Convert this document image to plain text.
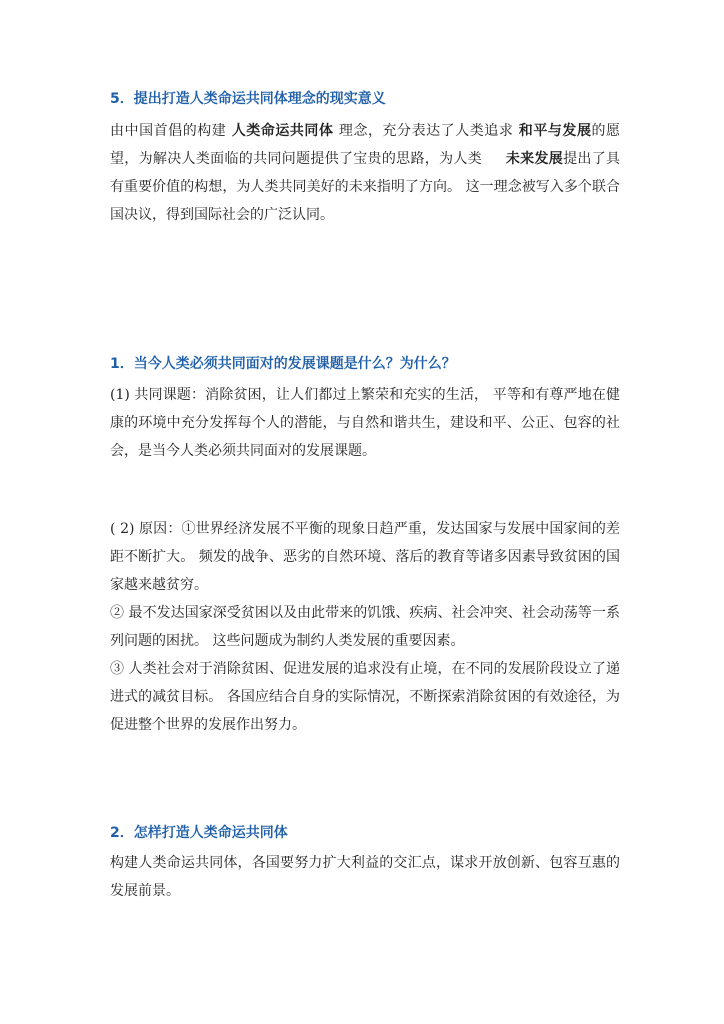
5．提出打造人类命运共同体理念的现实意义

由中国首倡的构建 人类命运共同体 理念，充分表达了人类追求 和平与发展的愿望，为解决人类面临的共同问题提供了宝贵的思路，为人类 未来发展提出了具有重要价值的构想，为人类共同美好的未来指明了方向。 这一理念被写入多个联合国决议，得到国际社会的广泛认同。

1．当今人类必须共同面对的发展课题是什么？为什么？
(1) 共同课题：消除贫困，让人们都过上繁荣和充实的生活， 平等和有尊严地在健康的环境中充分发挥每个人的潜能，与自然和谐共生，建设和平、公正、包容的社会，是当今人类必须共同面对的发展课题。
( 2) 原因：①世界经济发展不平衡的现象日趋严重，发达国家与发展中国家间的差距不断扩大。 频发的战争、恶劣的自然环境、落后的教育等诸多因素导致贫困的国家越来越贫穷。
② 最不发达国家深受贫困以及由此带来的饥饿、疾病、社会冲突、社会动荡等一系列问题的困扰。 这些问题成为制约人类发展的重要因素。
③ 人类社会对于消除贫困、促进发展的追求没有止境，在不同的发展阶段设立了递进式的减贫目标。 各国应结合自身的实际情况，不断探索消除贫困的有效途径，为促进整个世界的发展作出努力。
2．怎样打造人类命运共同体
构建人类命运共同体，各国要努力扩大利益的交汇点，谋求开放创新、包容互惠的发展前景。
